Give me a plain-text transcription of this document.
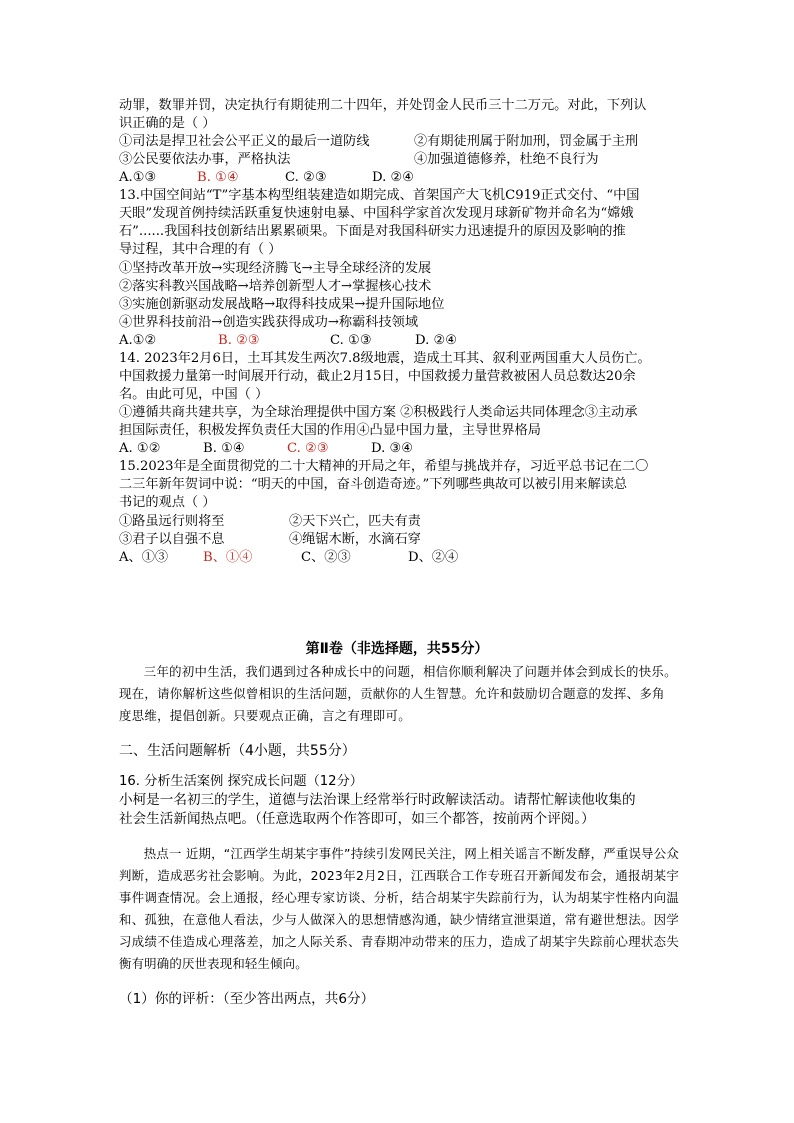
动罪，数罪并罚，决定执行有期徒刑二十四年，并处罚金人民币三十二万元。对此，下列认
识正确的是（ ）
①司法是捍卫社会公平正义的最后一道防线	②有期徒刑属于附加刑，罚金属于主刑
③公民要依法办事，严格执法	④加强道德修养，杜绝不良行为
A.①③	B. ①④	C. ②③	D. ②④
13.中国空间站“T”字基本构型组装建造如期完成、首架国产大飞机C919正式交付、“中国
天眼”发现首例持续活跃重复快速射电暴、中国科学家首次发现月球新矿物并命名为“嫦娥
石”......我国科技创新结出累累硕果。下面是对我国科研实力迅速提升的原因及影响的推
导过程，其中合理的有（ ）
①坚持改革开放→实现经济腾飞→主导全球经济的发展
②落实科教兴国战略→培养创新型人才→掌握核心技术
③实施创新驱动发展战略→取得科技成果→提升国际地位
④世界科技前沿→创造实践获得成功→称霸科技领域
A.①②	B. ②③	C. ①③	D. ②④
14. 2023年2月6日，土耳其发生两次7.8级地震，造成土耳其、叙利亚两国重大人员伤亡。
中国救援力量第一时间展开行动，截止2月15日，中国救援力量营救被困人员总数达20余
名。由此可见，中国（ ）
①遵循共商共建共享，为全球治理提供中国方案 ②积极践行人类命运共同体理念③主动承
担国际责任，积极发挥负责任大国的作用④凸显中国力量，主导世界格局
A. ①②	B. ①④	C. ②③	D. ③④
15.2023年是全面贯彻党的二十大精神的开局之年，希望与挑战并存，习近平总书记在二〇
二三年新年贺词中说：“明天的中国，奋斗创造奇迹。”下列哪些典故可以被引用来解读总
书记的观点（ ）
①路虽远行则将至	②天下兴亡，匹夫有责
③君子以自强不息	④绳锯木断，水滴石穿
A、①③	B、①④	C、②③	D、②④
第Ⅱ卷（非选择题，共55分）
三年的初中生活，我们遇到过各种成长中的问题，相信你顺利解决了问题并体会到成长的快乐。现在，请你解析这些似曾相识的生活问题，贡献你的人生智慧。允许和鼓励切合题意的发挥、多角度思维，提倡创新。只要观点正确，言之有理即可。
二、生活问题解析（4小题，共55分）
16. 分析生活案例 探究成长问题（12分）
小柯是一名初三的学生，道德与法治课上经常举行时政解读活动。请帮忙解读他收集的
社会生活新闻热点吧。（任意选取两个作答即可，如三个都答，按前两个评阅。）
热点一 近期，“江西学生胡某宇事件”持续引发网民关注，网上相关谣言不断发酵，严重误导公众判断，造成恶劣社会影响。为此，2023年2月2日，江西联合工作专班召开新闻发布会，通报胡某宇事件调查情况。会上通报，经心理专家访谈、分析，结合胡某宇失踪前行为，认为胡某宇性格内向温和、孤独，在意他人看法，少与人做深入的思想情感沟通，缺少情绪宣泄渠道，常有避世想法。因学习成绩不佳造成心理落差，加之人际关系、青春期冲动带来的压力，造成了胡某宇失踪前心理状态失衡有明确的厌世表现和轻生倾向。
（1）你的评析：（至少答出两点，共6分）
